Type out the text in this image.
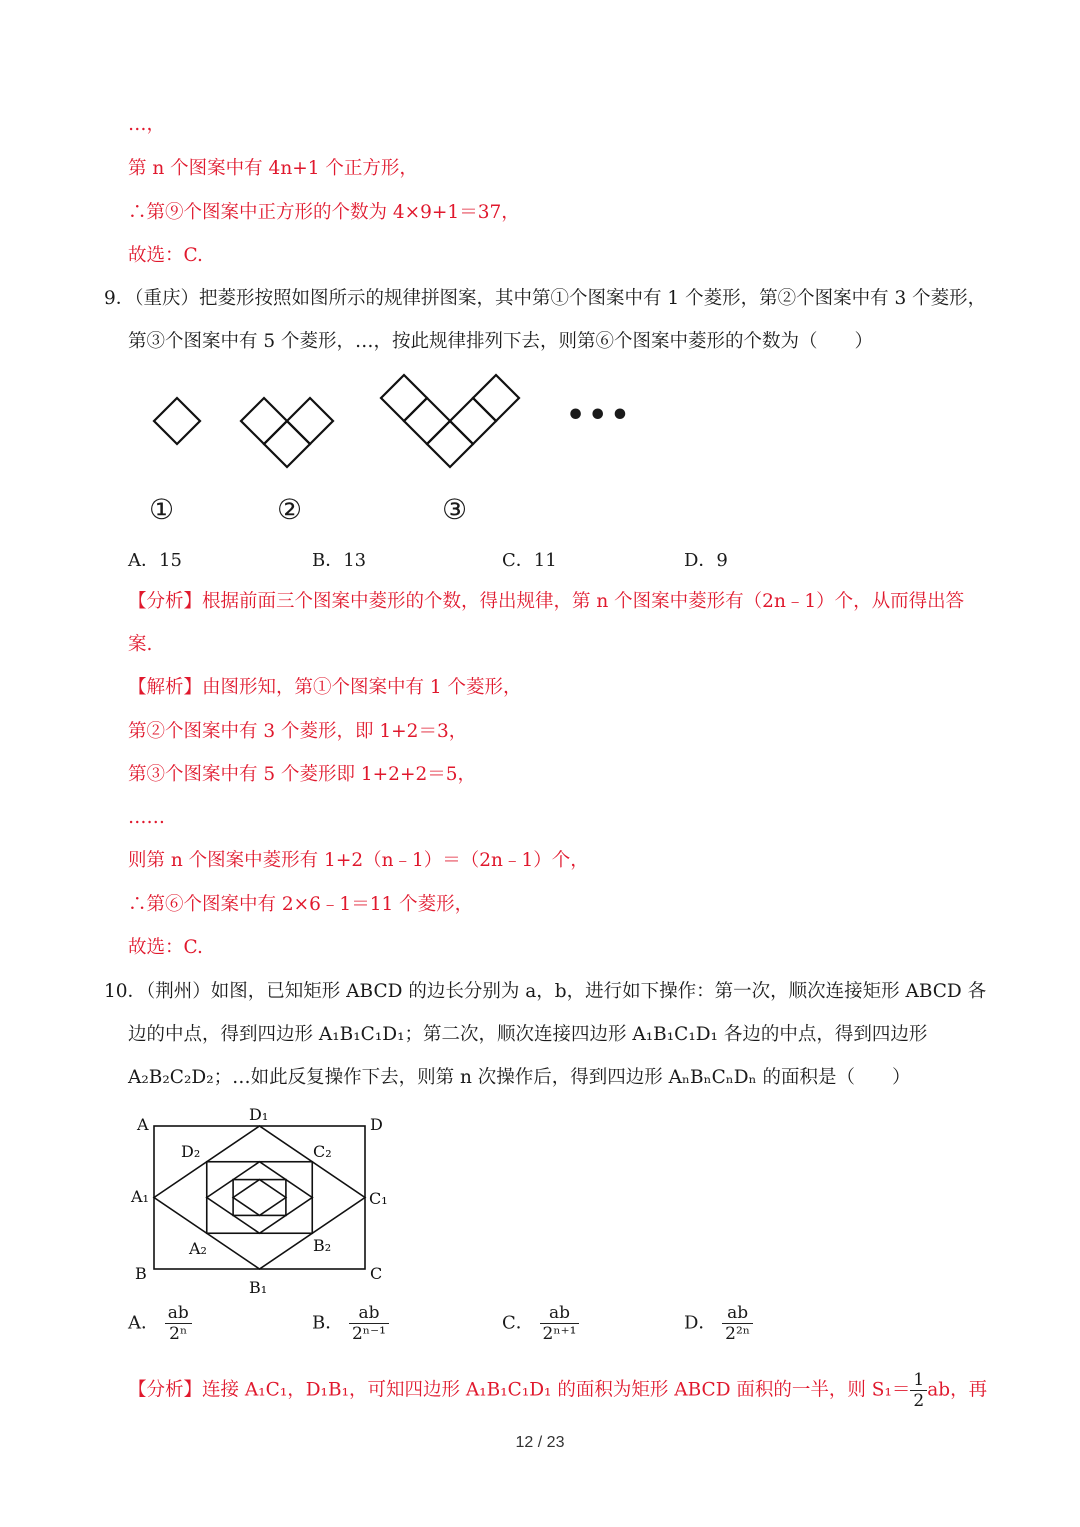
…，
第 n 个图案中有 4n+1 个正方形，
∴第⑨个图案中正方形的个数为 4×9+1＝37，
故选：C.
9．（重庆）把菱形按照如图所示的规律拼图案，其中第①个图案中有 1 个菱形，第②个图案中有 3 个菱形，
第③个图案中有 5 个菱形，…，按此规律排列下去，则第⑥个图案中菱形的个数为（　　）
•••
①	②	③
A．15	B．13	C．11	D．9
【分析】根据前面三个图案中菱形的个数，得出规律，第 n 个图案中菱形有（2n﹣1）个，从而得出答
案.
【解析】由图形知，第①个图案中有 1 个菱形，
第②个图案中有 3 个菱形，即 1+2＝3，
第③个图案中有 5 个菱形即 1+2+2＝5，
……
则第 n 个图案中菱形有 1+2（n﹣1）＝（2n﹣1）个，
∴第⑥个图案中有 2×6﹣1＝11 个菱形，
故选：C.
10．（荆州）如图，已知矩形 ABCD 的边长分别为 a，b，进行如下操作：第一次，顺次连接矩形 ABCD 各
边的中点，得到四边形 A₁B₁C₁D₁；第二次，顺次连接四边形 A₁B₁C₁D₁ 各边的中点，得到四边形
A₂B₂C₂D₂；…如此反复操作下去，则第 n 次操作后，得到四边形 AₙBₙCₙDₙ 的面积是（　　）
A
B	C
D
A₁
B₁
C₁
D₁
A₂	B₂
C₂
D₂
A． $\frac{ab}{\text{2ⁿ}}$	B． $\frac{ab}{\text{2ⁿ⁻¹}}$	C． $\frac{ab}{\text{2ⁿ⁺¹}}$	D． $\frac{ab}{\text{2²ⁿ}}$
【分析】连接 A₁C₁，D₁B₁，可知四边形 A₁B₁C₁D₁ 的面积为矩形 ABCD 面积的一半，则 $S_1= \frac{1}{2}$ ab，再
12 / 23
